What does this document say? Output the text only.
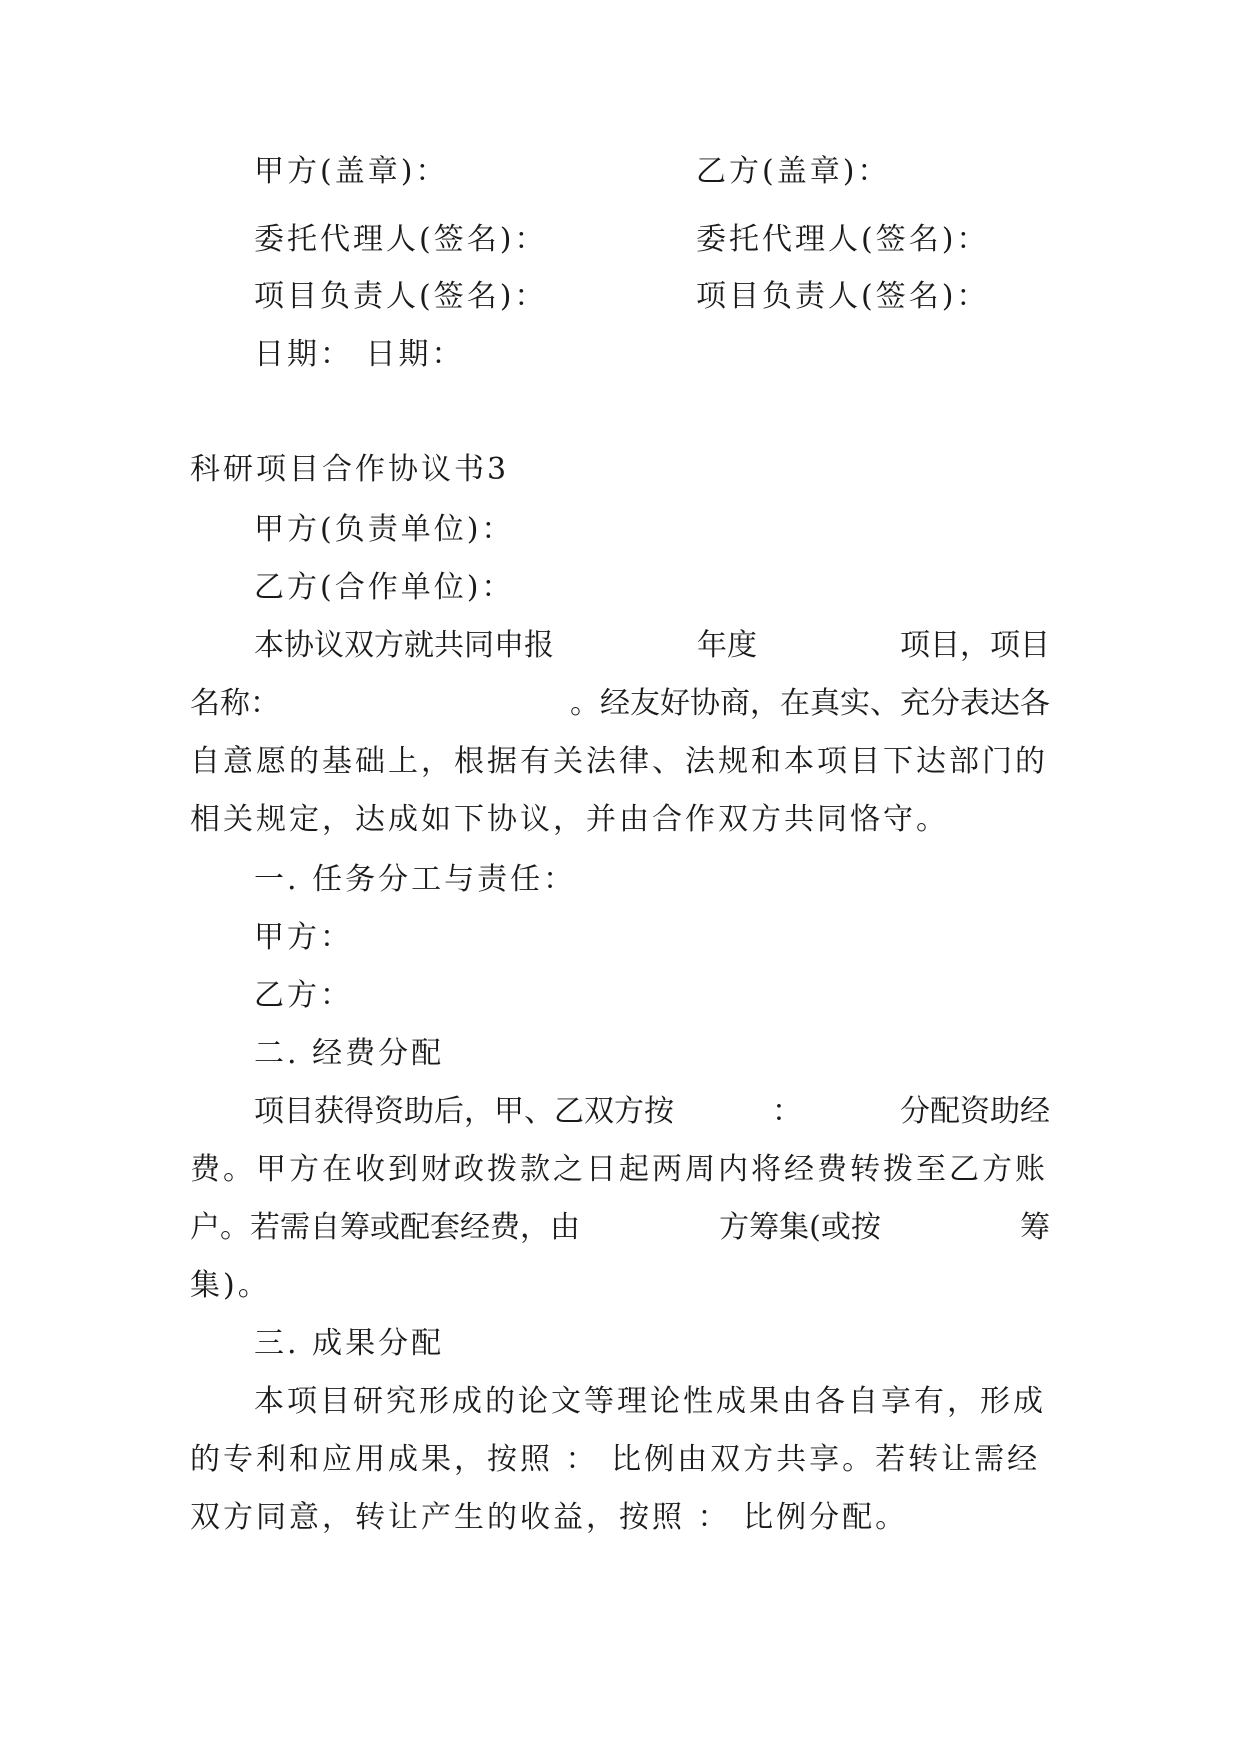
甲方(盖章)：	乙方(盖章)：
委托代理人(签名)：	委托代理人(签名)：
项目负责人(签名)：	项目负责人(签名)：
日期： 日期：
科研项目合作协议书3
甲方(负责单位)：
乙方(合作单位)：
本协议双方就共同申报	年度	项目，项目
名称：	。经友好协商，在真实、充分表达各
自意愿的基础上，根据有关法律、法规和本项目下达部门的
相关规定，达成如下协议，并由合作双方共同恪守。
一. 任务分工与责任：
甲方：
乙方：
二. 经费分配
项目获得资助后，甲、乙双方按	：	分配资助经
费。甲方在收到财政拨款之日起两周内将经费转拨至乙方账
户。若需自筹或配套经费，由	方筹集(或按	筹
集)。
三. 成果分配
本项目研究形成的论文等理论性成果由各自享有，形成
的专利和应用成果，按照 ： 比例由双方共享。若转让需经
双方同意，转让产生的收益，按照 ： 比例分配。
